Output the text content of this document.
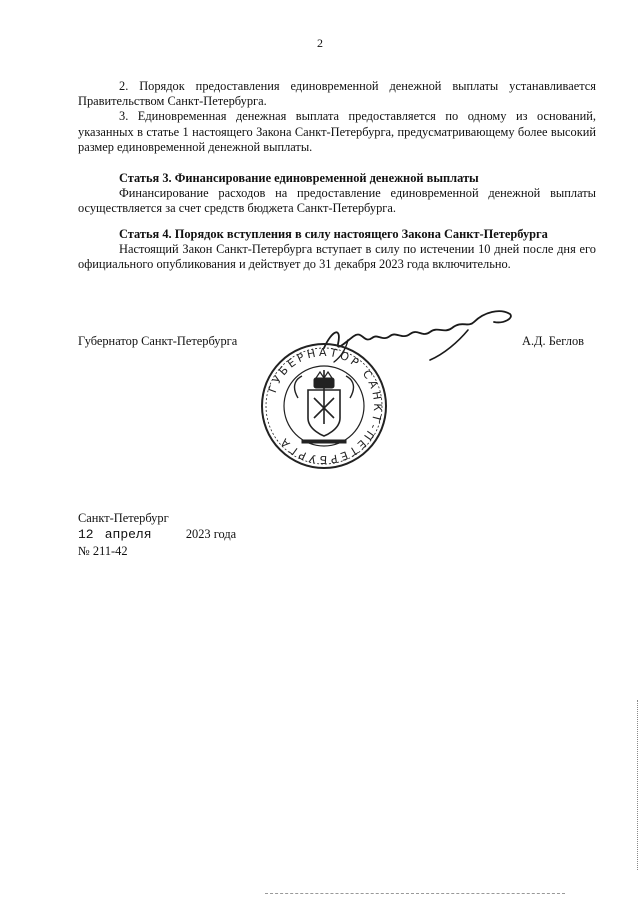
2

2. Порядок предоставления единовременной денежной выплаты устанавливается Правительством Санкт-Петербурга.

3. Единовременная денежная выплата предоставляется по одному из оснований, указанных в статье 1 настоящего Закона Санкт-Петербурга, предусматривающему более высокий размер единовременной денежной выплаты.

Статья 3. Финансирование единовременной денежной выплаты

Финансирование расходов на предоставление единовременной денежной выплаты осуществляется за счет средств бюджета Санкт-Петербурга.

Статья 4. Порядок вступления в силу настоящего Закона Санкт-Петербурга

Настоящий Закон Санкт-Петербурга вступает в силу по истечении 10 дней после дня его официального опубликования и действует до 31 декабря 2023 года включительно.

Губернатор Санкт-Петербурга	А.Д. Беглов
ГУБЕРНАТОР САНКТ-ПЕТЕРБУРГА
Санкт-Петербург
12 апреля	2023 года
№ 211-42
